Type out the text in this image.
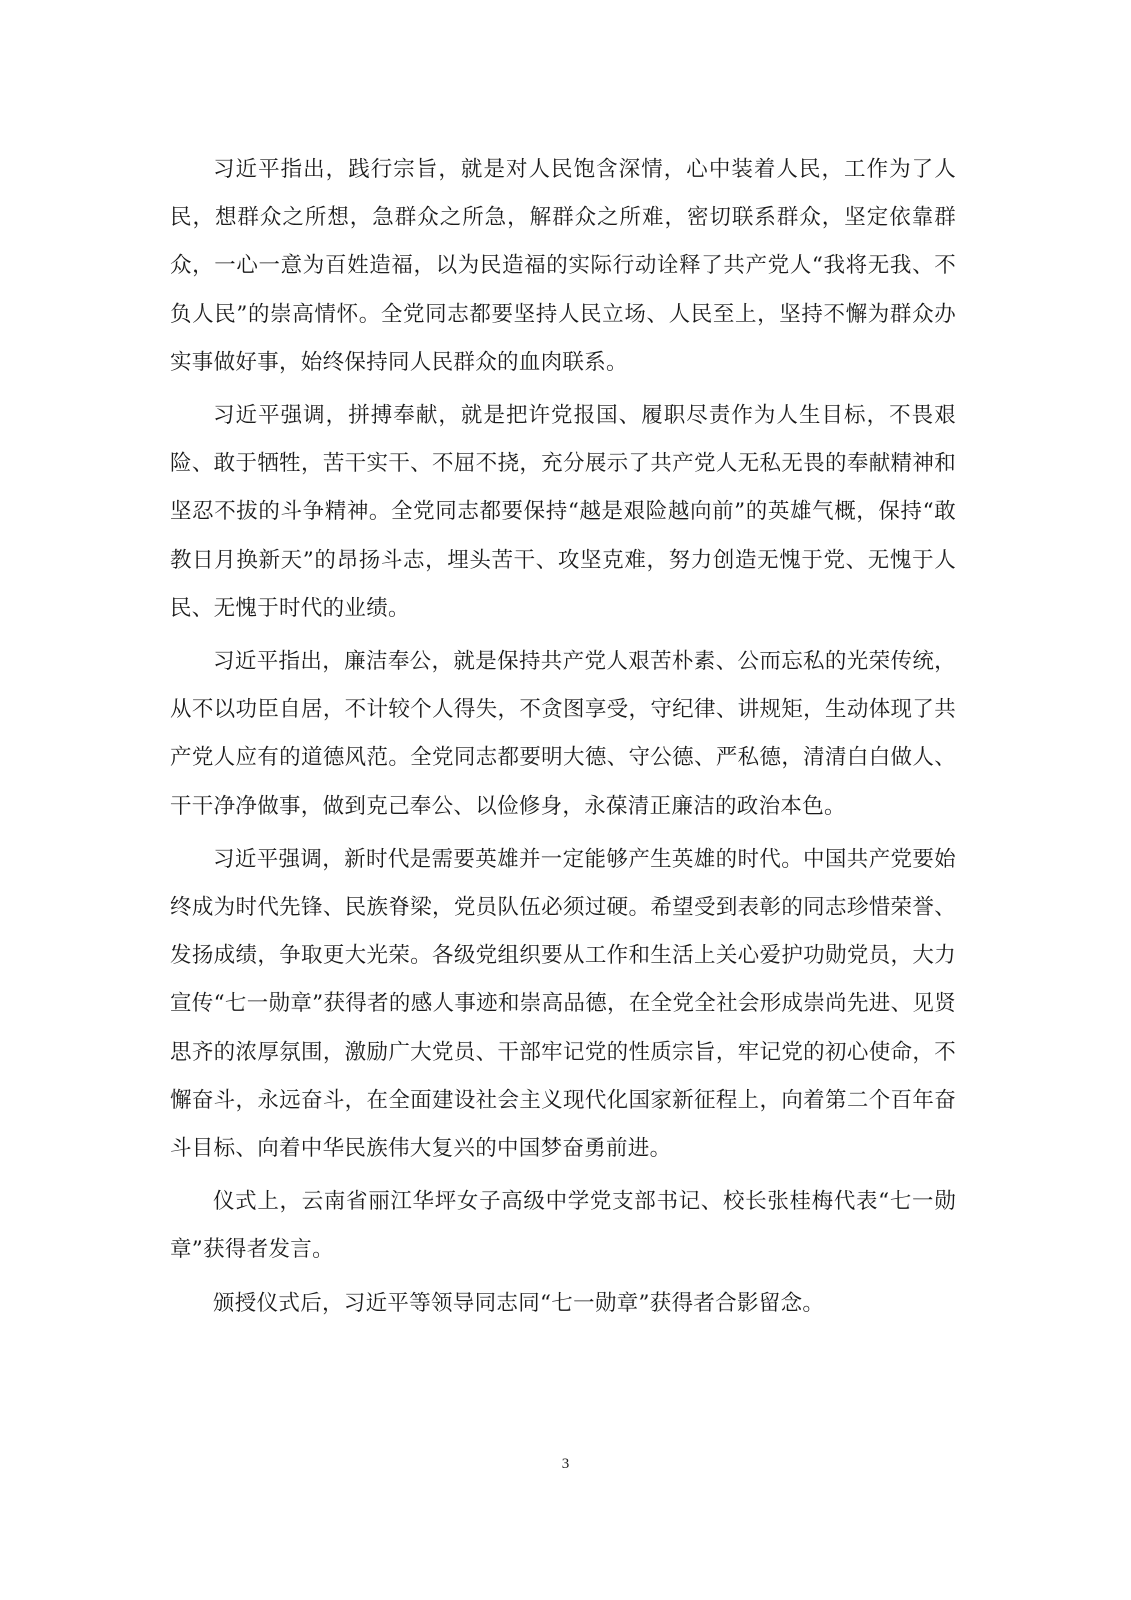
习近平指出，践行宗旨，就是对人民饱含深情，心中装着人民，工作为了人民，想群众之所想，急群众之所急，解群众之所难，密切联系群众，坚定依靠群众，一心一意为百姓造福，以为民造福的实际行动诠释了共产党人“我将无我、不负人民”的崇高情怀。全党同志都要坚持人民立场、人民至上，坚持不懈为群众办实事做好事，始终保持同人民群众的血肉联系。

习近平强调，拼搏奉献，就是把许党报国、履职尽责作为人生目标，不畏艰险、敢于牺牲，苦干实干、不屈不挠，充分展示了共产党人无私无畏的奉献精神和坚忍不拔的斗争精神。全党同志都要保持“越是艰险越向前”的英雄气概，保持“敢教日月换新天”的昂扬斗志，埋头苦干、攻坚克难，努力创造无愧于党、无愧于人民、无愧于时代的业绩。

习近平指出，廉洁奉公，就是保持共产党人艰苦朴素、公而忘私的光荣传统，从不以功臣自居，不计较个人得失，不贪图享受，守纪律、讲规矩，生动体现了共产党人应有的道德风范。全党同志都要明大德、守公德、严私德，清清白白做人、干干净净做事，做到克己奉公、以俭修身，永葆清正廉洁的政治本色。

习近平强调，新时代是需要英雄并一定能够产生英雄的时代。中国共产党要始终成为时代先锋、民族脊梁，党员队伍必须过硬。希望受到表彰的同志珍惜荣誉、发扬成绩，争取更大光荣。各级党组织要从工作和生活上关心爱护功勋党员，大力宣传“七一勋章”获得者的感人事迹和崇高品德，在全党全社会形成崇尚先进、见贤思齐的浓厚氛围，激励广大党员、干部牢记党的性质宗旨，牢记党的初心使命，不懈奋斗，永远奋斗，在全面建设社会主义现代化国家新征程上，向着第二个百年奋斗目标、向着中华民族伟大复兴的中国梦奋勇前进。

仪式上，云南省丽江华坪女子高级中学党支部书记、校长张桂梅代表“七一勋章”获得者发言。

颁授仪式后，习近平等领导同志同“七一勋章”获得者合影留念。

3
